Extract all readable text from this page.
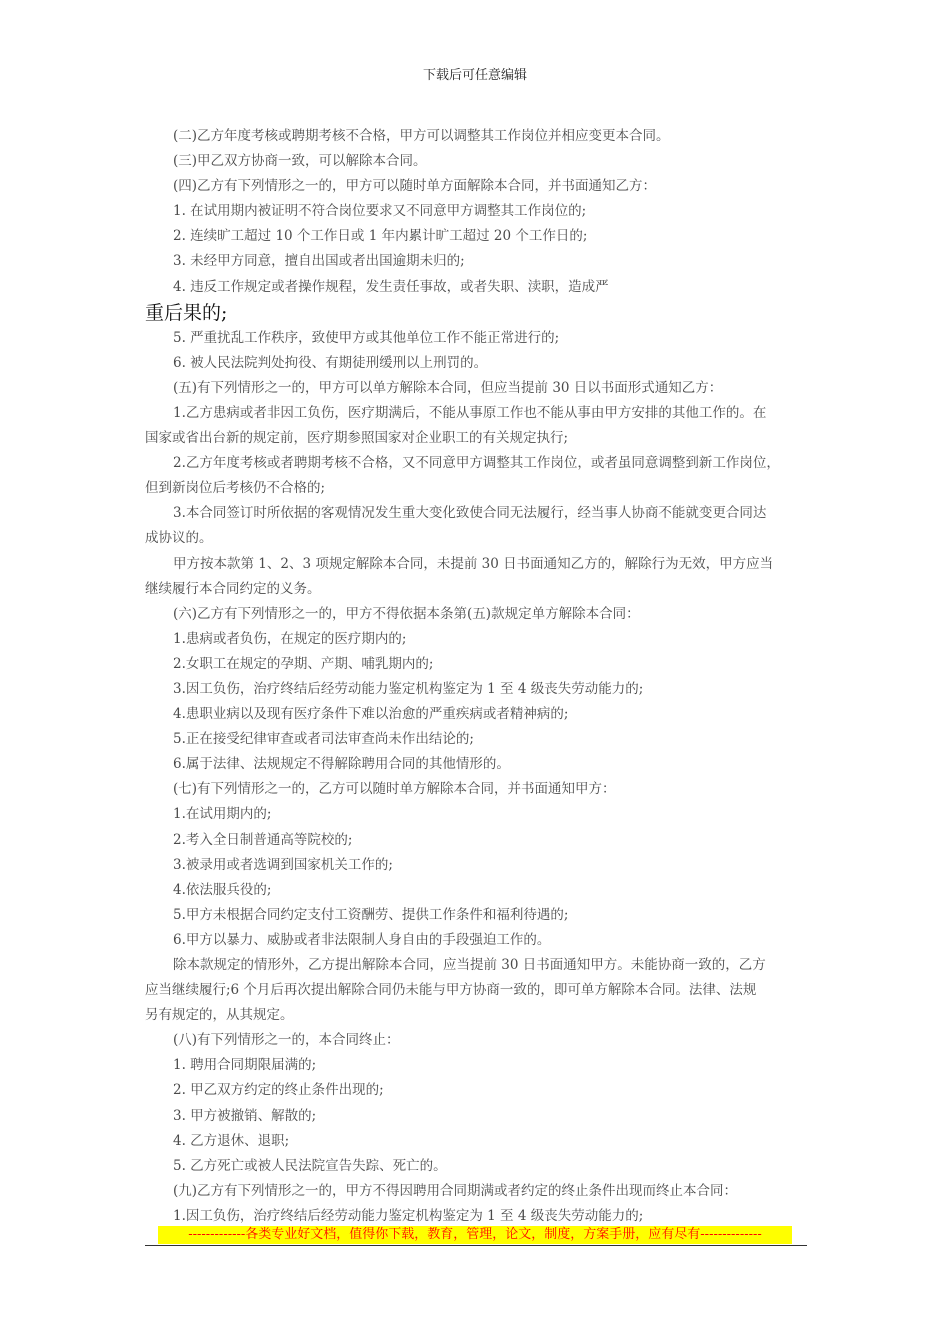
下载后可任意编辑
(二)乙方年度考核或聘期考核不合格，甲方可以调整其工作岗位并相应变更本合同。
(三)甲乙双方协商一致，可以解除本合同。
(四)乙方有下列情形之一的，甲方可以随时单方面解除本合同，并书面通知乙方：
1. 在试用期内被证明不符合岗位要求又不同意甲方调整其工作岗位的;
2. 连续旷工超过 10 个工作日或 1 年内累计旷工超过 20 个工作日的;
3. 未经甲方同意，擅自出国或者出国逾期未归的;
4. 违反工作规定或者操作规程，发生责任事故，或者失职、渎职，造成严
重后果的;
5. 严重扰乱工作秩序，致使甲方或其他单位工作不能正常进行的;
6. 被人民法院判处拘役、有期徒刑缓刑以上刑罚的。
(五)有下列情形之一的，甲方可以单方解除本合同，但应当提前 30 日以书面形式通知乙方：
1.乙方患病或者非因工负伤，医疗期满后，不能从事原工作也不能从事由甲方安排的其他工作的。在
国家或省出台新的规定前，医疗期参照国家对企业职工的有关规定执行;
2.乙方年度考核或者聘期考核不合格，又不同意甲方调整其工作岗位，或者虽同意调整到新工作岗位，
但到新岗位后考核仍不合格的;
3.本合同签订时所依据的客观情况发生重大变化致使合同无法履行，经当事人协商不能就变更合同达
成协议的。
甲方按本款第 1、2、3 项规定解除本合同，未提前 30 日书面通知乙方的，解除行为无效，甲方应当
继续履行本合同约定的义务。
(六)乙方有下列情形之一的，甲方不得依据本条第(五)款规定单方解除本合同：
1.患病或者负伤，在规定的医疗期内的;
2.女职工在规定的孕期、产期、哺乳期内的;
3.因工负伤，治疗终结后经劳动能力鉴定机构鉴定为 1 至 4 级丧失劳动能力的;
4.患职业病以及现有医疗条件下难以治愈的严重疾病或者精神病的;
5.正在接受纪律审查或者司法审查尚未作出结论的;
6.属于法律、法规规定不得解除聘用合同的其他情形的。
(七)有下列情形之一的，乙方可以随时单方解除本合同，并书面通知甲方：
1.在试用期内的;
2.考入全日制普通高等院校的;
3.被录用或者选调到国家机关工作的;
4.依法服兵役的;
5.甲方未根据合同约定支付工资酬劳、提供工作条件和福利待遇的;
6.甲方以暴力、威胁或者非法限制人身自由的手段强迫工作的。
除本款规定的情形外，乙方提出解除本合同，应当提前 30 日书面通知甲方。未能协商一致的，乙方
应当继续履行;6 个月后再次提出解除合同仍未能与甲方协商一致的，即可单方解除本合同。法律、法规
另有规定的，从其规定。
(八)有下列情形之一的，本合同终止：
1. 聘用合同期限届满的;
2. 甲乙双方约定的终止条件出现的;
3. 甲方被撤销、解散的;
4. 乙方退休、退职;
5. 乙方死亡或被人民法院宣告失踪、死亡的。
(九)乙方有下列情形之一的，甲方不得因聘用合同期满或者约定的终止条件出现而终止本合同：
1.因工负伤，治疗终结后经劳动能力鉴定机构鉴定为 1 至 4 级丧失劳动能力的;
-------------各类专业好文档，值得你下载，教育，管理，论文，制度，方案手册，应有尽有--------------
